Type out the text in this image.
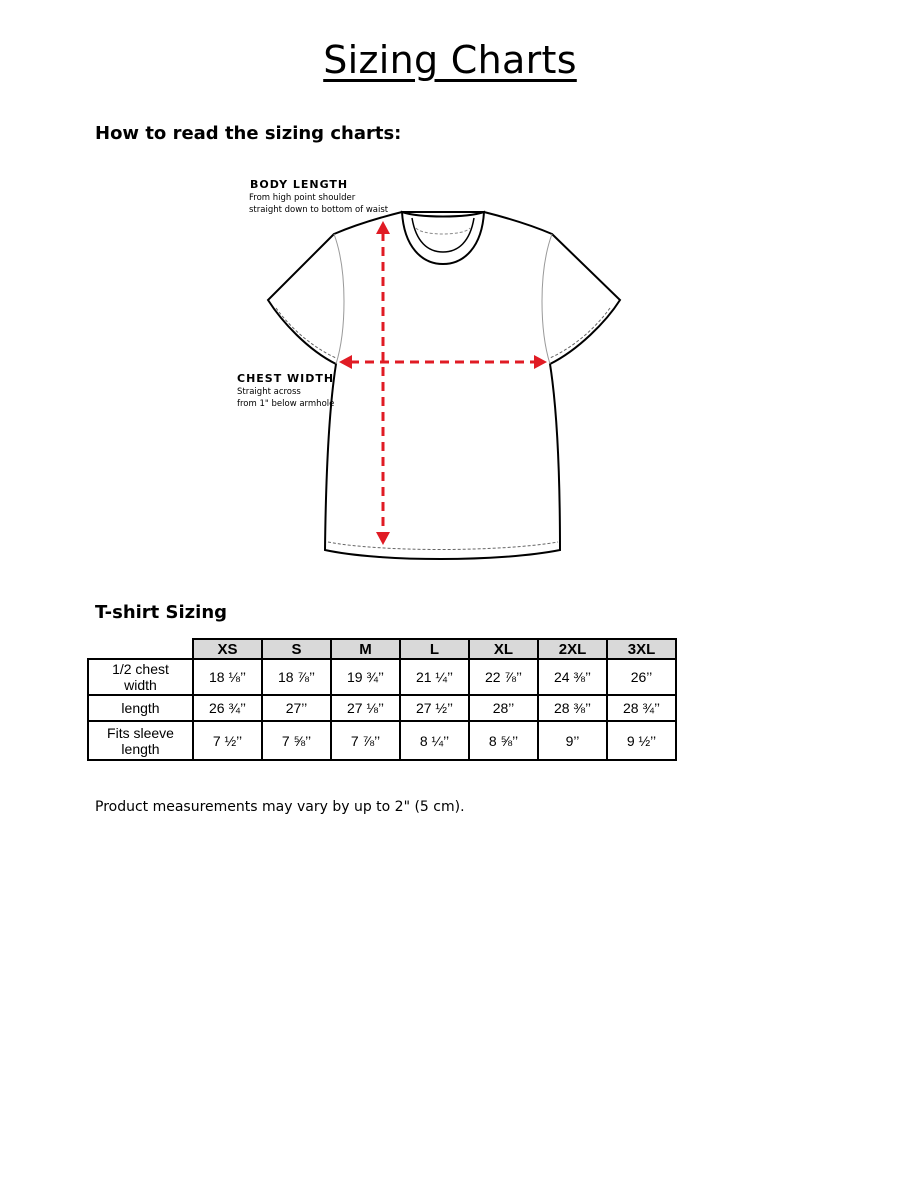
Sizing Charts
How to read the sizing charts:
BODY LENGTH
From high point shoulder
straight down to bottom of waist
CHEST WIDTH
Straight across
from 1" below armhole
T-shirt Sizing
	XS	S	M	L	XL	2XL	3XL

1/2 chest
width	18 ⅛’’	18 ⅞’’	19 ¾’’	21 ¼’’	22 ⅞’’	24 ⅜’’	26’’

length	26 ¾’’	27’’	27 ⅛’’	27 ½’’	28’’	28 ⅜’’	28 ¾’’

Fits sleeve
length	7 ½’’	7 ⅝’’	7 ⅞’’	8 ¼’’	8 ⅝’’	9’’	9 ½’’
Product measurements may vary by up to 2" (5 cm).
